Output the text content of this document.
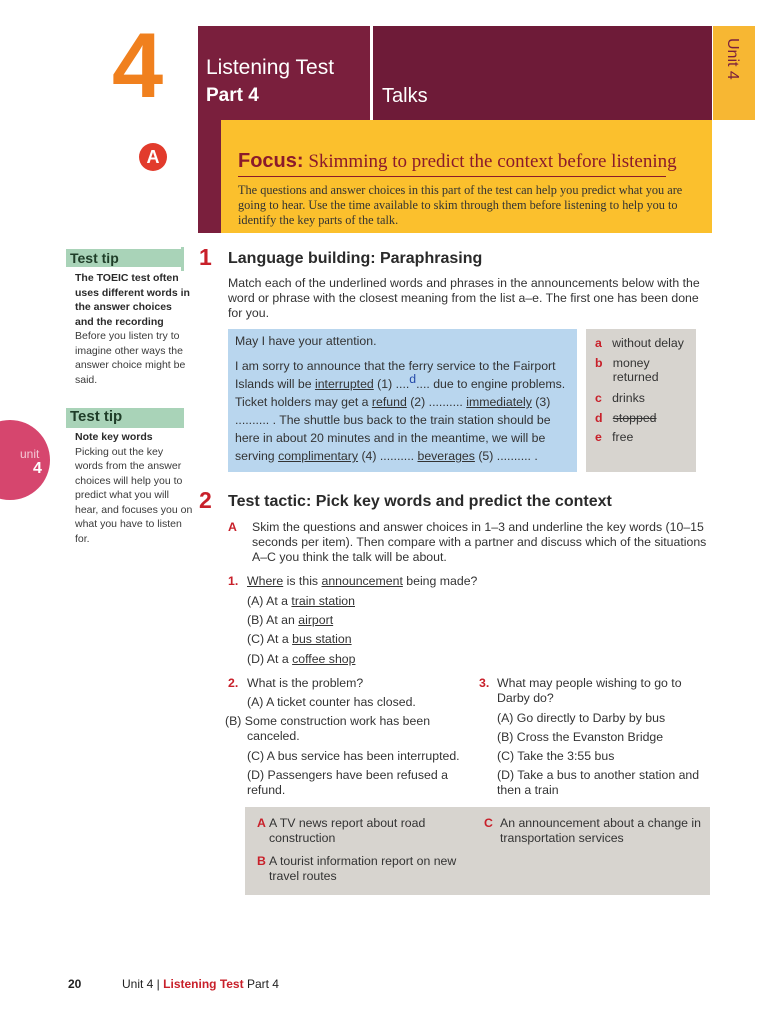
4 Listening Test
Part 4	Talks
Unit 4
A	Focus: Skimming to predict the context before listening
The questions and answer choices in this part of the test can help you predict what you are going to hear. Use the time available to skim through them before listening to help you to identify the key parts of the talk.
Test tip
The TOEIC test often uses different words in the answer choices and the recording
Before you listen try to imagine other ways the answer choice might be said.
Test tip
Note key words
Picking out the key words from the answer choices will help you to predict what you will hear, and focuses you on what you have to listen for.
unit
4
1 Language building: Paraphrasing
Match each of the underlined words and phrases in the announcements below with the word or phrase with the closest meaning from the list a–e. The first one has been done for you.
May I have your attention.
I am sorry to announce that the ferry service to the Fairport Islands will be interrupted (1) ....d.... due to engine problems. Ticket holders may get a refund (2) .......... immediately (3) .......... . The shuttle bus back to the train station should be here in about 20 minutes and in the meantime, we will be serving complimentary (4) .......... beverages (5) .......... .
a without delay
b money returned
c drinks
d stopped
e free
2 Test tactic: Pick key words and predict the context
A Skim the questions and answer choices in 1–3 and underline the key words (10–15 seconds per item). Then compare with a partner and discuss which of the situations A–C you think the talk will be about.
1. Where is this announcement being made?
(A) At a train station
(B) At an airport
(C) At a bus station
(D) At a coffee shop
2. What is the problem?
(A) A ticket counter has closed.
(B) Some construction work has been canceled.
(C) A bus service has been interrupted.
(D) Passengers have been refused a refund.
3. What may people wishing to go to Darby do?
(A) Go directly to Darby by bus
(B) Cross the Evanston Bridge
(C) Take the 3:55 bus
(D) Take a bus to another station and then a train
A A TV news report about road construction
B A tourist information report on new travel routes
C An announcement about a change in transportation services
20	Unit 4 | Listening Test Part 4
